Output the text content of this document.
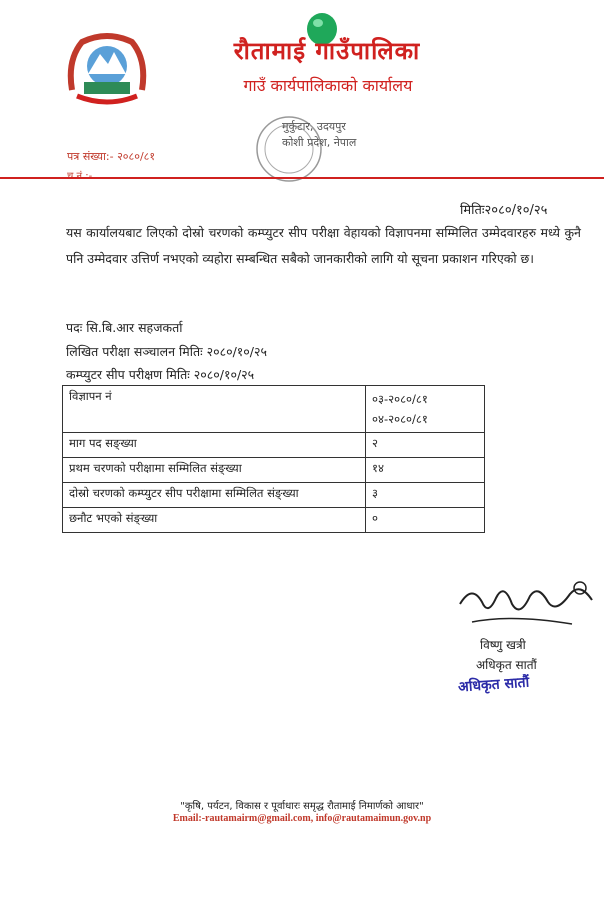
रौतामाई गाउँपालिका
गाउँ कार्यपालिकाको कार्यालय
मुर्कुटार, उदयपुर
कोशी प्रदेश, नेपाल
पत्र संख्या:- २०८०/८१
मितिः२०८०/१०/२५
यस कार्यालयबाट लिएको दोस्रो चरणको कम्प्युटर सीप परीक्षा वेहायको विज्ञापनमा सम्मिलित उम्मेदवारहरु मध्ये कुनै पनि उम्मेदवार उत्तिर्ण नभएको व्यहोरा सम्बन्धित सबैको जानकारीको लागि यो सूचना प्रकाशन गरिएको छ।
पदः सि.बि.आर सहजकर्ता
लिखित परीक्षा सञ्चालन मितिः २०८०/१०/२५
कम्प्युटर सीप परीक्षण मितिः २०८०/१०/२५
विज्ञापन नं	०३-२०८०/८१
०४-२०८०/८१

माग पद सङ्ख्या	२
प्रथम चरणको परीक्षामा सम्मिलित संङ्ख्या	१४
दोस्रो चरणको कम्प्युटर सीप परीक्षामा सम्मिलित संङ्ख्या	३
छनौट भएको संङ्ख्या	०
विष्णु खत्री
अधिकृत सातौं
अधिकृत सातौं
"कृषि, पर्यटन, विकास र पूर्वाधारः समृद्ध रौतामाई निमार्णको आधार"
Email:-rautamairm@gmail.com, info@rautamaimun.gov.np
